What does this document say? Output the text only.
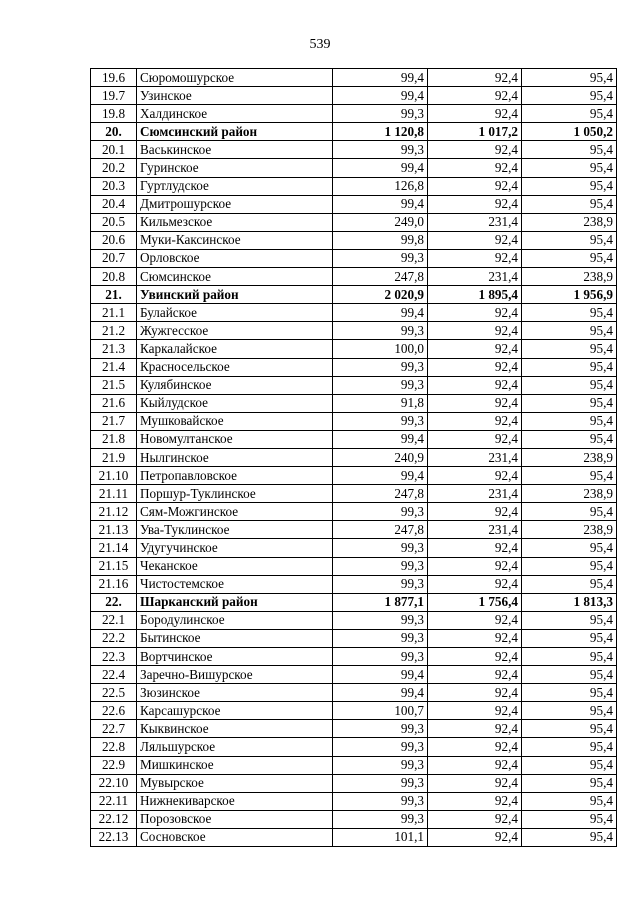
539
19.6	Сюромошурское	99,4	92,4	95,4
19.7	Узинское	99,4	92,4	95,4
19.8	Халдинское	99,3	92,4	95,4
20.	Сюмсинский район	1 120,8	1 017,2	1 050,2
20.1	Васькинское	99,3	92,4	95,4
20.2	Гуринское	99,4	92,4	95,4
20.3	Гуртлудское	126,8	92,4	95,4
20.4	Дмитрошурское	99,4	92,4	95,4
20.5	Кильмезское	249,0	231,4	238,9
20.6	Муки-Каксинское	99,8	92,4	95,4
20.7	Орловское	99,3	92,4	95,4
20.8	Сюмсинское	247,8	231,4	238,9
21.	Увинский район	2 020,9	1 895,4	1 956,9
21.1	Булайское	99,4	92,4	95,4
21.2	Жужгесское	99,3	92,4	95,4
21.3	Каркалайское	100,0	92,4	95,4
21.4	Красносельское	99,3	92,4	95,4
21.5	Кулябинское	99,3	92,4	95,4
21.6	Кыйлудское	91,8	92,4	95,4
21.7	Мушковайское	99,3	92,4	95,4
21.8	Новомултанское	99,4	92,4	95,4
21.9	Нылгинское	240,9	231,4	238,9
21.10	Петропавловское	99,4	92,4	95,4
21.11	Поршур-Туклинское	247,8	231,4	238,9
21.12	Сям-Можгинское	99,3	92,4	95,4
21.13	Ува-Туклинское	247,8	231,4	238,9
21.14	Удугучинское	99,3	92,4	95,4
21.15	Чеканское	99,3	92,4	95,4
21.16	Чистостемское	99,3	92,4	95,4
22.	Шарканский район	1 877,1	1 756,4	1 813,3
22.1	Бородулинское	99,3	92,4	95,4
22.2	Бытинское	99,3	92,4	95,4
22.3	Вортчинское	99,3	92,4	95,4
22.4	Заречно-Вишурское	99,4	92,4	95,4
22.5	Зюзинское	99,4	92,4	95,4
22.6	Карсашурское	100,7	92,4	95,4
22.7	Кыквинское	99,3	92,4	95,4
22.8	Ляльшурское	99,3	92,4	95,4
22.9	Мишкинское	99,3	92,4	95,4
22.10	Мувырское	99,3	92,4	95,4
22.11	Нижнекиварское	99,3	92,4	95,4
22.12	Порозовское	99,3	92,4	95,4
22.13	Сосновское	101,1	92,4	95,4
